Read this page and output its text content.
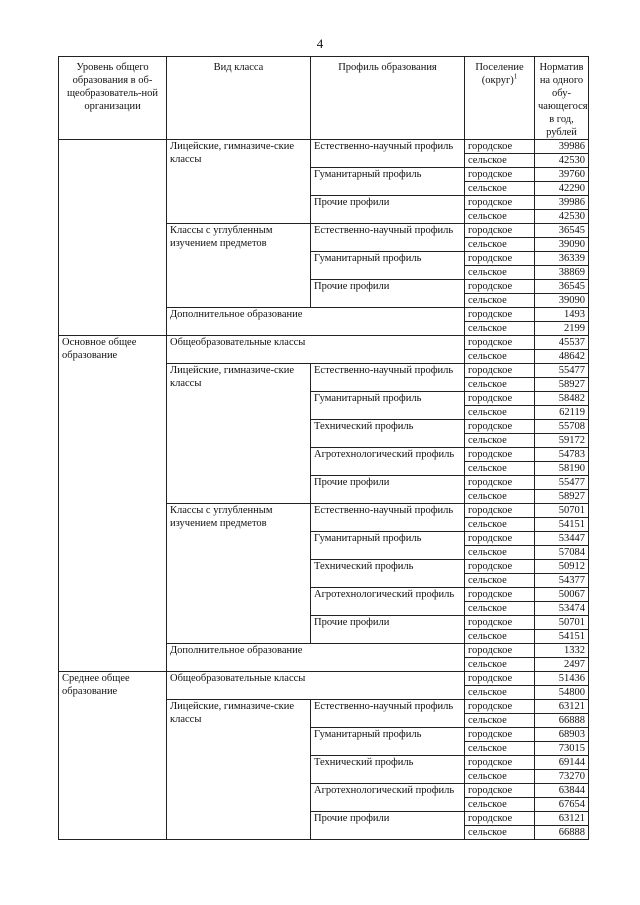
4
Уровень общего образования в об-щеобразователь-ной организации	Вид класса	Профиль образования	Поселение (округ)$^1$	Норматив на одного обу-чающегося в год, рублей
	Лицейские, гимназиче-ские классы	Естественно-научный профиль	городское	39986
			сельское	42530
		Гуманитарный профиль	городское	39760
			сельское	42290
		Прочие профили	городское	39986
			сельское	42530
	Классы с углубленным изучением предметов	Естественно-научный профиль	городское	36545
			сельское	39090
		Гуманитарный профиль	городское	36339
			сельское	38869
		Прочие профили	городское	36545
			сельское	39090
	Дополнительное образование		городское	1493
			сельское	2199
Основное общее образование	Общеобразовательные классы		городское	45537
			сельское	48642
	Лицейские, гимназиче-ские классы	Естественно-научный профиль	городское	55477
			сельское	58927
		Гуманитарный профиль	городское	58482
			сельское	62119
		Технический профиль	городское	55708
			сельское	59172
		Агротехнологический профиль	городское	54783
			сельское	58190
		Прочие профили	городское	55477
			сельское	58927
	Классы с углубленным изучением предметов	Естественно-научный профиль	городское	50701
			сельское	54151
		Гуманитарный профиль	городское	53447
			сельское	57084
		Технический профиль	городское	50912
			сельское	54377
		Агротехнологический профиль	городское	50067
			сельское	53474
		Прочие профили	городское	50701
			сельское	54151
	Дополнительное образование		городское	1332
			сельское	2497
Среднее общее образование	Общеобразовательные классы		городское	51436
			сельское	54800
	Лицейские, гимназиче-ские классы	Естественно-научный профиль	городское	63121
			сельское	66888
		Гуманитарный профиль	городское	68903
			сельское	73015
		Технический профиль	городское	69144
			сельское	73270
		Агротехнологический профиль	городское	63844
			сельское	67654
		Прочие профили	городское	63121
			сельское	66888
